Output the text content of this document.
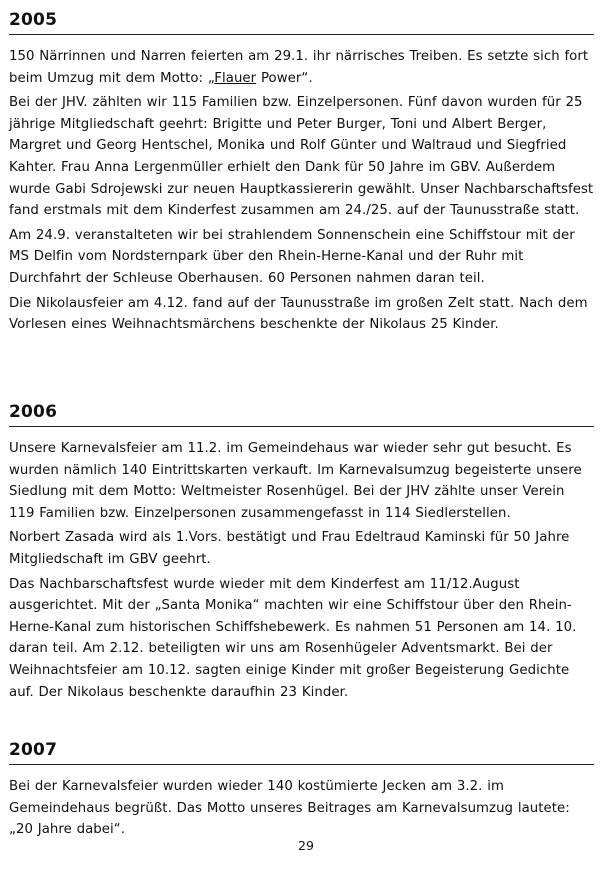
2005

150 Närrinnen und Narren feierten am 29.1. ihr närrisches Treiben. Es setzte sich fort beim Umzug mit dem Motto: „Flauer Power“.

Bei der JHV. zählten wir 115 Familien bzw. Einzelpersonen. Fünf davon wurden für 25 jährige Mitgliedschaft geehrt: Brigitte und Peter Burger, Toni und Albert Berger, Margret und Georg Hentschel, Monika und Rolf Günter und Waltraud und Siegfried Kahter. Frau Anna Lergenmüller erhielt den Dank für 50 Jahre im GBV. Außerdem wurde Gabi Sdrojewski zur neuen Hauptkassiererin gewählt. Unser Nachbarschaftsfest fand erstmals mit dem Kinderfest zusammen am 24./25. auf der Taunusstraße statt.

Am 24.9. veranstalteten wir bei strahlendem Sonnenschein eine Schiffstour mit der MS Delfin vom Nordsternpark über den Rhein-Herne-Kanal und der Ruhr mit Durchfahrt der Schleuse Oberhausen. 60 Personen nahmen daran teil.

Die Nikolausfeier am 4.12. fand auf der Taunusstraße im großen Zelt statt. Nach dem Vorlesen eines Weihnachtsmärchens beschenkte der Nikolaus 25 Kinder.

2006

Unsere Karnevalsfeier am 11.2. im Gemeindehaus war wieder sehr gut besucht. Es wurden nämlich 140 Eintrittskarten verkauft. Im Karnevalsumzug begeisterte unsere Siedlung mit dem Motto: Weltmeister Rosenhügel. Bei der JHV zählte unser Verein 119 Familien bzw. Einzelpersonen zusammengefasst in 114 Siedlerstellen.

Norbert Zasada wird als 1.Vors. bestätigt und Frau Edeltraud Kaminski für 50 Jahre Mitgliedschaft im GBV geehrt.

Das Nachbarschaftsfest wurde wieder mit dem Kinderfest am 11/12.August ausgerichtet. Mit der „Santa Monika“ machten wir eine Schiffstour über den Rhein-Herne-Kanal zum historischen Schiffshebewerk. Es nahmen 51 Personen am 14. 10. daran teil. Am 2.12. beteiligten wir uns am Rosenhügeler Adventsmarkt. Bei der Weihnachtsfeier am 10.12. sagten einige Kinder mit großer Begeisterung Gedichte auf. Der Nikolaus beschenkte daraufhin 23 Kinder.

2007

Bei der Karnevalsfeier wurden wieder 140 kostümierte Jecken am 3.2. im Gemeindehaus begrüßt. Das Motto unseres Beitrages am Karnevalsumzug lautete: „20 Jahre dabei“.

29
